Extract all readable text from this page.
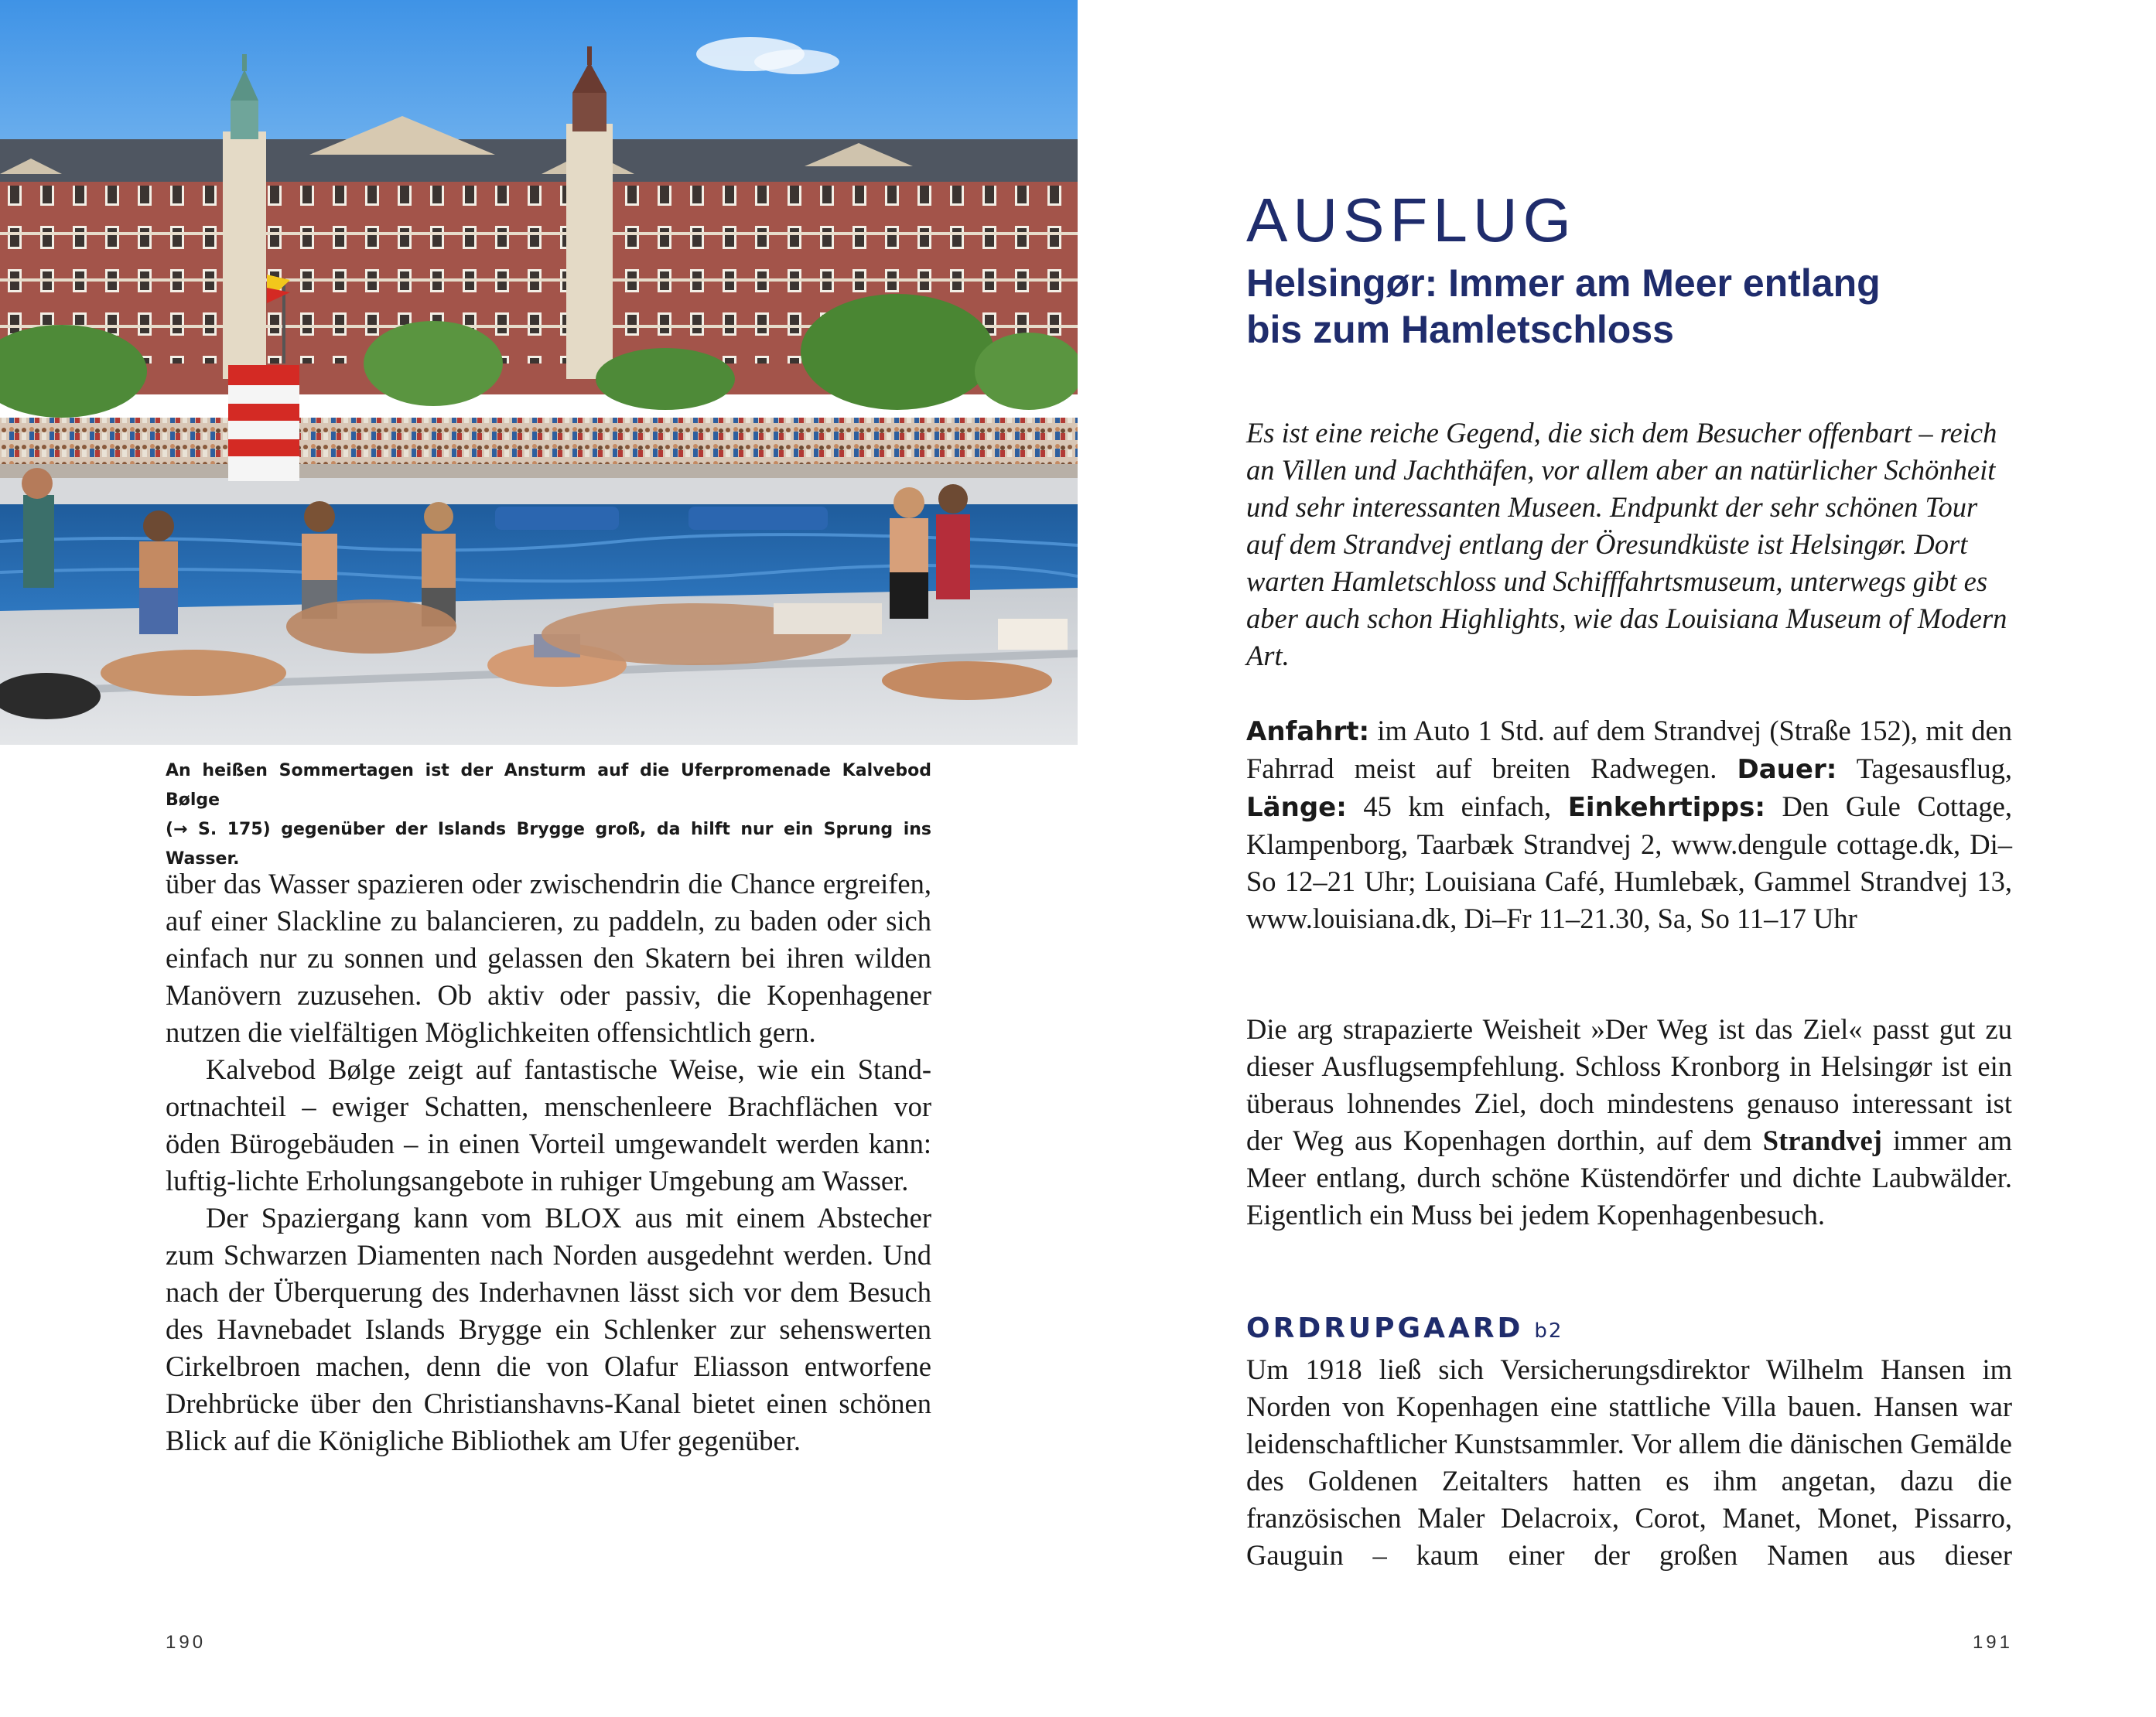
An heißen Sommertagen ist der Ansturm auf die Uferpromenade Kalvebod Bølge

(→ S. 175) gegenüber der Islands Brygge groß, da hilft nur ein Sprung ins Wasser.

über das Wasser spazieren oder zwischendrin die Chance ergreifen, auf einer Slackline zu balancieren, zu paddeln, zu baden oder sich einfach nur zu sonnen und gelassen den Skatern bei ihren wilden Manövern zuzusehen. Ob aktiv oder passiv, die Kopenhagener nutzen die vielfältigen Möglichkeiten offensichtlich gern.

Kalvebod Bølge zeigt auf fantastische Weise, wie ein Standortnachteil – ewiger Schatten, menschenleere Brachflächen vor öden Bürogebäuden – in einen Vorteil umgewandelt werden kann: luftig-lichte Erholungsangebote in ruhiger Umgebung am Wasser.

Der Spaziergang kann vom BLOX aus mit einem Abstecher zum Schwarzen Diamenten nach Norden ausgedehnt werden. Und nach der Überquerung des Inderhavnen lässt sich vor dem Besuch des Havnebadet Islands Brygge ein Schlenker zur sehenswerten Cirkelbroen machen, denn die von Olafur Eliasson entworfene Drehbrücke über den Christianshavns-Kanal bietet einen schönen Blick auf die Königliche Bibliothek am Ufer gegenüber.

190
AUSFLUG
Helsingør: Immer am Meer entlang
bis zum Hamletschloss

Es ist eine reiche Gegend, die sich dem Besucher offenbart – reich an Villen und Jachthäfen, vor allem aber an natürlicher Schönheit und sehr interessanten Museen. Endpunkt der sehr schönen Tour auf dem Strandvej entlang der Öresundküste ist Helsingør. Dort warten Hamletschloss und Schifffahrtsmuseum, unterwegs gibt es aber auch schon Highlights, wie das Louisiana Museum of Modern Art.

Anfahrt: im Auto 1 Std. auf dem Strandvej (Straße 152), mit den Fahrrad meist auf breiten Radwegen. Dauer: Tagesausflug, Länge: 45 km einfach, Einkehrtipps: Den Gule Cottage, Klampenborg, Taarbæk Strandvej 2, www.dengule cottage.dk, Di–So 12–21 Uhr; Louisiana Café, Humlebæk, Gammel Strandvej 13, www.louisiana.dk, Di–Fr 11–21.30, Sa, So 11–17 Uhr

Die arg strapazierte Weisheit »Der Weg ist das Ziel« passt gut zu dieser Ausflugsempfehlung. Schloss Kronborg in Helsingør ist ein überaus lohnendes Ziel, doch mindestens genauso interessant ist der Weg aus Kopenhagen dorthin, auf dem Strandvej immer am Meer entlang, durch schöne Küstendörfer und dichte Laubwälder. Eigentlich ein Muss bei jedem Kopenhagenbesuch.

ORDRUPGAARD b2

Um 1918 ließ sich Versicherungsdirektor Wilhelm Hansen im Norden von Kopenhagen eine stattliche Villa bauen. Hansen war leidenschaftlicher Kunstsammler. Vor allem die dänischen Gemälde des Goldenen Zeitalters hatten es ihm angetan, dazu die französischen Maler Delacroix, Corot, Manet, Monet, Pissarro, Gauguin – kaum einer der großen Namen aus dieser

191
